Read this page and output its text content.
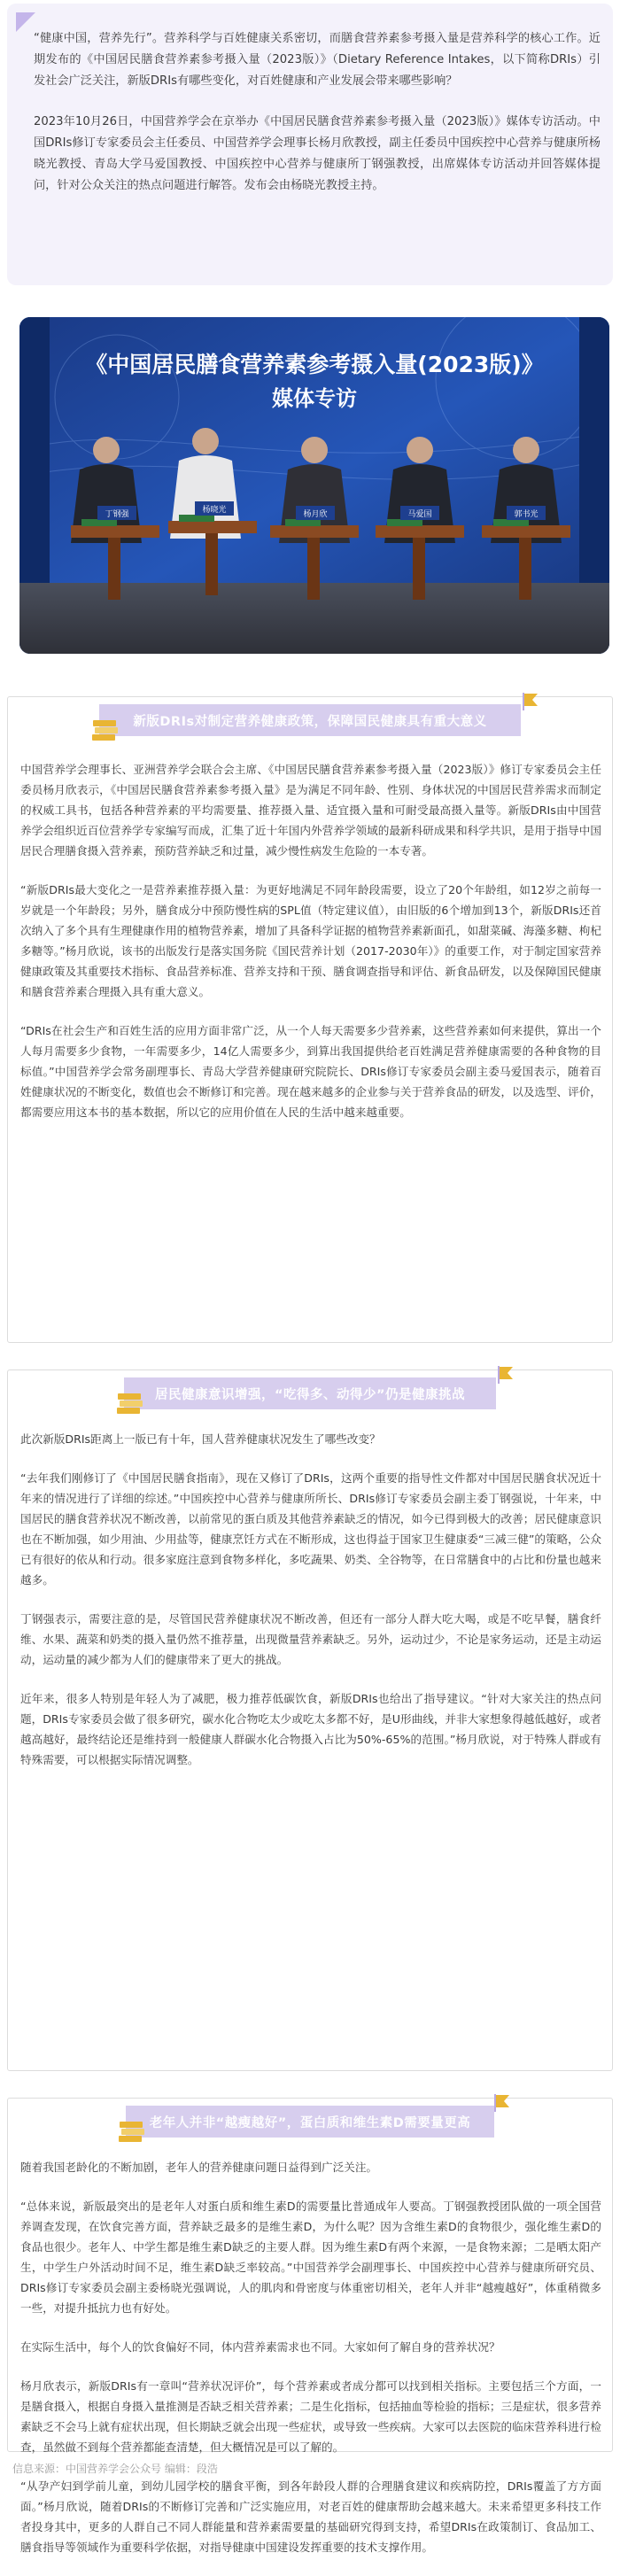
“健康中国，营养先行”。营养科学与百姓健康关系密切，而膳食营养素参考摄入量是营养科学的核心工作。近期发布的《中国居民膳食营养素参考摄入量（2023版）》（Dietary Reference Intakes，以下简称DRIs）引发社会广泛关注，新版DRIs有哪些变化，对百姓健康和产业发展会带来哪些影响？

2023年10月26日，中国营养学会在京举办《中国居民膳食营养素参考摄入量（2023版）》媒体专访活动。中国DRIs修订专家委员会主任委员、中国营养学会理事长杨月欣教授，副主任委员中国疾控中心营养与健康所杨晓光教授、青岛大学马爱国教授、中国疾控中心营养与健康所丁钢强教授，出席媒体专访活动并回答媒体提问，针对公众关注的热点问题进行解答。发布会由杨晓光教授主持。

《中国居民膳食营养素参考摄入量(2023版)》
媒体专访
丁钢强	杨晓光	杨月欣	马爱国	郭书光
新版DRIs对制定营养健康政策，保障国民健康具有重大意义

中国营养学会理事长、亚洲营养学会联合会主席、《中国居民膳食营养素参考摄入量（2023版）》修订专家委员会主任委员杨月欣表示，《中国居民膳食营养素参考摄入量》是为满足不同年龄、性别、身体状况的中国居民营养需求而制定的权威工具书，包括各种营养素的平均需要量、推荐摄入量、适宜摄入量和可耐受最高摄入量等。新版DRIs由中国营养学会组织近百位营养学专家编写而成，汇集了近十年国内外营养学领域的最新科研成果和科学共识，是用于指导中国居民合理膳食摄入营养素，预防营养缺乏和过量，减少慢性病发生危险的一本专著。

“新版DRIs最大变化之一是营养素推荐摄入量：为更好地满足不同年龄段需要，设立了20个年龄组，如12岁之前每一岁就是一个年龄段；另外，膳食成分中预防慢性病的SPL值（特定建议值），由旧版的6个增加到13个，新版DRIs还首次纳入了多个具有生理健康作用的植物营养素，增加了具备科学证据的植物营养素新面孔，如甜菜碱、海藻多糖、枸杞多糖等。”杨月欣说，该书的出版发行是落实国务院《国民营养计划（2017-2030年）》的重要工作，对于制定国家营养健康政策及其重要技术指标、食品营养标准、营养支持和干预、膳食调查指导和评估、新食品研发，以及保障国民健康和膳食营养素合理摄入具有重大意义。

“DRIs在社会生产和百姓生活的应用方面非常广泛，从一个人每天需要多少营养素，这些营养素如何来提供，算出一个人每月需要多少食物，一年需要多少，14亿人需要多少，到算出我国提供给老百姓满足营养健康需要的各种食物的目标值。”中国营养学会常务副理事长、青岛大学营养健康研究院院长、DRIs修订专家委员会副主委马爱国表示，随着百姓健康状况的不断变化，数值也会不断修订和完善。现在越来越多的企业参与关于营养食品的研发，以及选型、评价，都需要应用这本书的基本数据，所以它的应用价值在人民的生活中越来越重要。

居民健康意识增强，“吃得多、动得少”仍是健康挑战

此次新版DRIs距离上一版已有十年，国人营养健康状况发生了哪些改变？

“去年我们刚修订了《中国居民膳食指南》，现在又修订了DRIs，这两个重要的指导性文件都对中国居民膳食状况近十年来的情况进行了详细的综述。”中国疾控中心营养与健康所所长、DRIs修订专家委员会副主委丁钢强说，十年来，中国居民的膳食营养状况不断改善，以前常见的蛋白质及其他营养素缺乏的情况，如今已得到极大的改善；居民健康意识也在不断加强，如少用油、少用盐等，健康烹饪方式在不断形成，这也得益于国家卫生健康委“三减三健”的策略，公众已有很好的依从和行动。很多家庭注意到食物多样化，多吃蔬果、奶类、全谷物等，在日常膳食中的占比和份量也越来越多。

丁钢强表示，需要注意的是，尽管国民营养健康状况不断改善，但还有一部分人群大吃大喝，或是不吃早餐，膳食纤维、水果、蔬菜和奶类的摄入量仍然不推荐量，出现微量营养素缺乏。另外，运动过少，不论是家务运动，还是主动运动，运动量的减少都为人们的健康带来了更大的挑战。

近年来，很多人特别是年轻人为了减肥，极力推荐低碳饮食，新版DRIs也给出了指导建议。“针对大家关注的热点问题，DRIs专家委员会做了很多研究，碳水化合物吃太少或吃太多都不好，是U形曲线，并非大家想象得越低越好，或者越高越好，最终结论还是维持到一般健康人群碳水化合物摄入占比为50%-65%的范围。”杨月欣说，对于特殊人群或有特殊需要，可以根据实际情况调整。

老年人并非“越瘦越好”，蛋白质和维生素D需要量更高

随着我国老龄化的不断加剧，老年人的营养健康问题日益得到广泛关注。

“总体来说，新版最突出的是老年人对蛋白质和维生素D的需要量比普通成年人要高。丁钢强教授团队做的一项全国营养调查发现，在饮食完善方面，营养缺乏最多的是维生素D，为什么呢？因为含维生素D的食物很少，强化维生素D的食品也很少。老年人、中学生都是维生素D缺乏的主要人群。因为维生素D有两个来源，一是食物来源；二是晒太阳产生，中学生户外活动时间不足，维生素D缺乏率较高。”中国营养学会副理事长、中国疾控中心营养与健康所研究员、DRIs修订专家委员会副主委杨晓光强调说，人的肌肉和骨密度与体重密切相关，老年人并非“越瘦越好”，体重稍微多一些，对提升抵抗力也有好处。

在实际生活中，每个人的饮食偏好不同，体内营养素需求也不同。大家如何了解自身的营养状况？

杨月欣表示，新版DRIs有一章叫“营养状况评价”，每个营养素或者成分都可以找到相关指标。主要包括三个方面，一是膳食摄入，根据自身摄入量推测是否缺乏相关营养素；二是生化指标，包括抽血等检验的指标；三是症状，很多营养素缺乏不会马上就有症状出现，但长期缺乏就会出现一些症状，或导致一些疾病。大家可以去医院的临床营养科进行检查，虽然做不到每个营养都能查清楚，但大概情况是可以了解的。

“从孕产妇到学前儿童，到幼儿园学校的膳食平衡，到各年龄段人群的合理膳食建议和疾病防控，DRIs覆盖了方方面面。”杨月欣说，随着DRIs的不断修订完善和广泛实施应用，对老百姓的健康帮助会越来越大。未来希望更多科技工作者投身其中，更多的人群自己不同人群能量和营养素需要量的基础研究得到支持，希望DRIs在政策制订、食品加工、膳食指导等领域作为重要科学依据，对指导健康中国建设发挥重要的技术支撑作用。

信息来源：中国营养学会公众号 编辑：段浩
